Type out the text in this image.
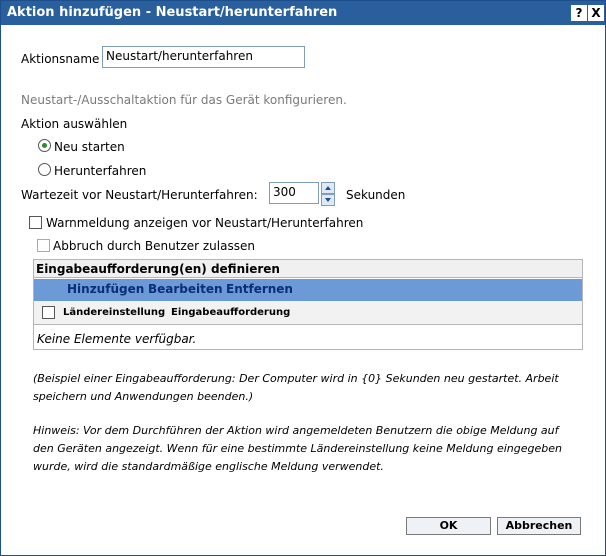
Aktion hinzufügen - Neustart/herunterfahren	? X
Aktionsname Neustart/herunterfahren
Neustart-/Ausschaltaktion für das Gerät konfigurieren.
Aktion auswählen
Neu starten
Herunterfahren
Wartezeit vor Neustart/Herunterfahren:	300	Sekunden
Warnmeldung anzeigen vor Neustart/Herunterfahren
Abbruch durch Benutzer zulassen
Eingabeaufforderung(en) definieren
Hinzufügen Bearbeiten Entfernen
Ländereinstellung Eingabeaufforderung
Keine Elemente verfügbar.
(Beispiel einer Eingabeaufforderung: Der Computer wird in {0} Sekunden neu gestartet. Arbeit
speichern und Anwendungen beenden.)
Hinweis: Vor dem Durchführen der Aktion wird angemeldeten Benutzern die obige Meldung auf
den Geräten angezeigt. Wenn für eine bestimmte Ländereinstellung keine Meldung eingegeben
wurde, wird die standardmäßige englische Meldung verwendet.
OK	Abbrechen
